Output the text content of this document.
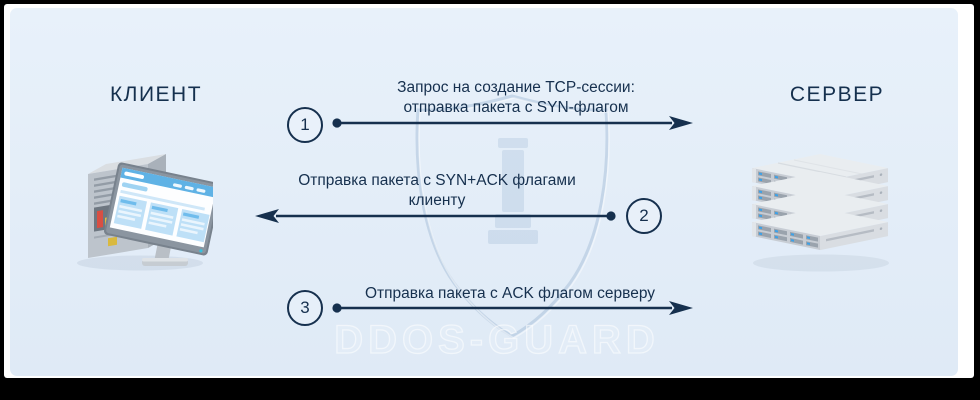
DDOS-GUARD
КЛИЕНТ	СЕРВЕР
1
Запрос на создание TCP-сессии:
отправка пакета с SYN-флагом
2
Отправка пакета с SYN+ACK флагами
клиенту
3
Отправка пакета с ACK флагом серверу
